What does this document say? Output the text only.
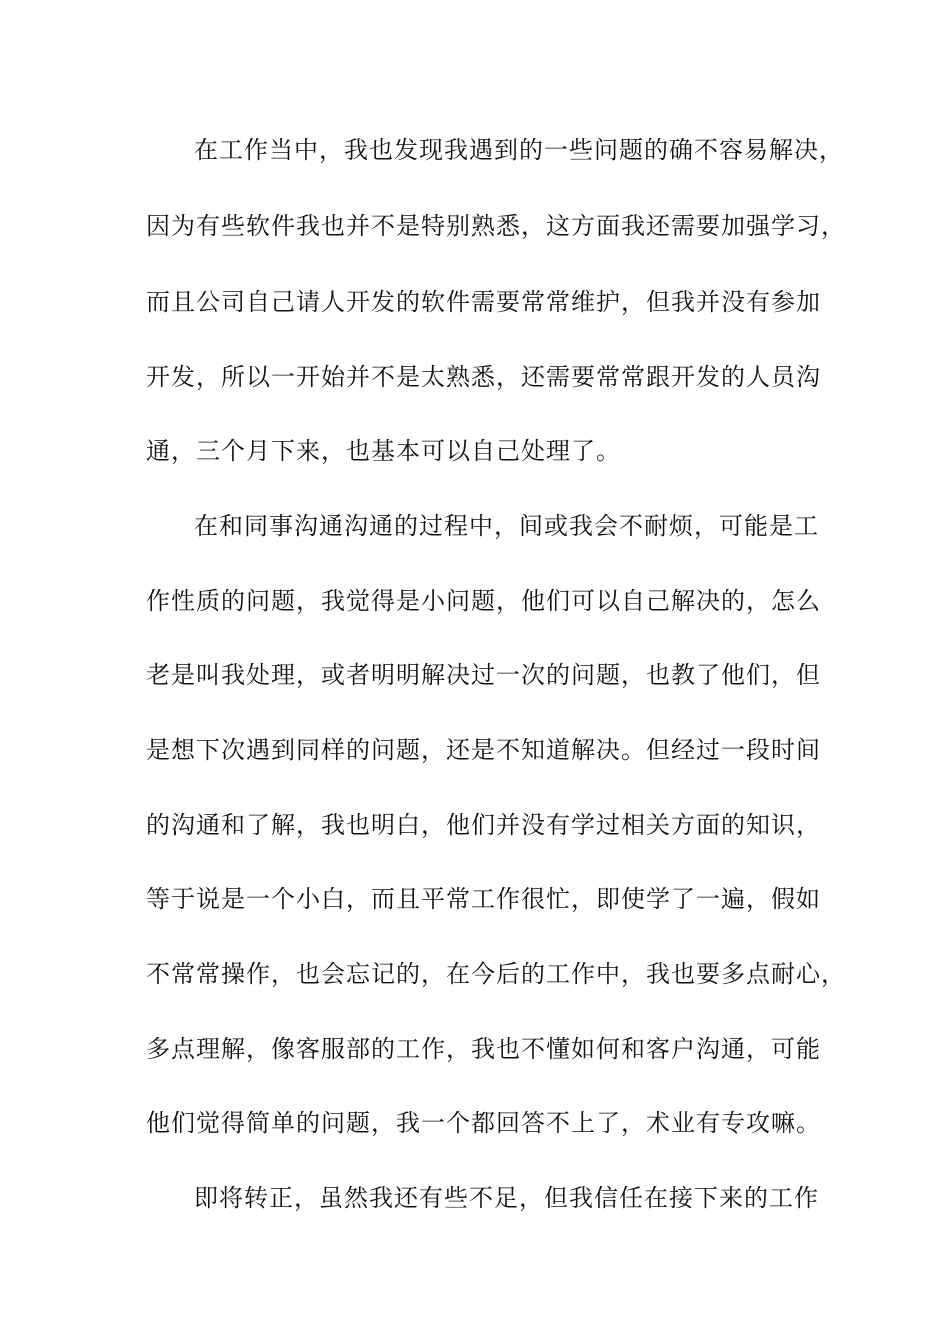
在工作当中，我也发现我遇到的一些问题的确不容易解决，
因为有些软件我也并不是特别熟悉，这方面我还需要加强学习，
而且公司自己请人开发的软件需要常常维护，但我并没有参加
开发，所以一开始并不是太熟悉，还需要常常跟开发的人员沟
通，三个月下来，也基本可以自己处理了。
在和同事沟通沟通的过程中，间或我会不耐烦，可能是工
作性质的问题，我觉得是小问题，他们可以自己解决的，怎么
老是叫我处理，或者明明解决过一次的问题，也教了他们，但
是想下次遇到同样的问题，还是不知道解决。但经过一段时间
的沟通和了解，我也明白，他们并没有学过相关方面的知识，
等于说是一个小白，而且平常工作很忙，即使学了一遍，假如
不常常操作，也会忘记的，在今后的工作中，我也要多点耐心，
多点理解，像客服部的工作，我也不懂如何和客户沟通，可能
他们觉得简单的问题，我一个都回答不上了，术业有专攻嘛。
即将转正，虽然我还有些不足，但我信任在接下来的工作
